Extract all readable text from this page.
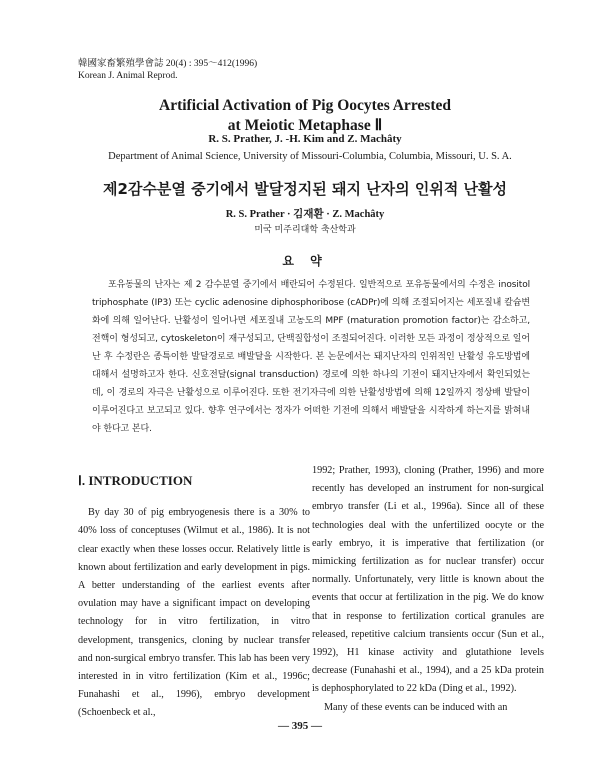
韓國家畜繁殖學會誌 20(4) : 395～412(1996)
Korean J. Animal Reprod.
Artificial Activation of Pig Oocytes Arrested
at Meiotic Metaphase Ⅱ
R. S. Prather, J. -H. Kim and Z. Machâty
Department of Animal Science, University of Missouri-Columbia, Columbia, Missouri, U. S. A.
제2감수분열 중기에서 발달정지된 돼지 난자의 인위적 난활성
R. S. Prather · 김재환 · Z. Machâty
미국 미주리대학 축산학과
요 약
포유동물의 난자는 제 2 감수분열 중기에서 배란되어 수정된다. 일반적으로 포유동물에서의 수정은 inositol triphosphate (IP3) 또는 cyclic adenosine diphosphoribose (cADPr)에 의해 조절되어지는 세포질내 칼슘변화에 의해 일어난다. 난활성이 일어나면 세포질내 고농도의 MPF (maturation promotion factor)는 감소하고, 전핵이 형성되고, cytoskeleton이 재구성되고, 단백질합성이 조절되어진다. 이러한 모든 과정이 정상적으로 일어난 후 수정란은 종특이한 발달경로로 배발달을 시작한다. 본 논문에서는 돼지난자의 인위적인 난활성 유도방법에 대해서 설명하고자 한다. 신호전달(signal transduction) 경로에 의한 하나의 기전이 돼지난자에서 확인되었는데, 이 경로의 자극은 난활성으로 이루어진다. 또한 전기자극에 의한 난활성방법에 의해 12일까지 정상배 발달이 이루어진다고 보고되고 있다. 향후 연구에서는 정자가 어떠한 기전에 의해서 배발달을 시작하게 하는지를 밝혀내야 한다고 본다.
Ⅰ. INTRODUCTION

By day 30 of pig embryogenesis there is a 30% to 40% loss of conceptuses (Wilmut et al., 1986). It is not clear exactly when these losses occur. Relatively little is known about fertilization and early development in pigs. A better understanding of the earliest events after ovulation may have a significant impact on developing technology for in vitro fertilization, in vitro development, transgenics, cloning by nuclear transfer and non-surgical embryo transfer. This lab has been very interested in in vitro fertilization (Kim et al., 1996c; Funahashi et al., 1996), embryo development (Schoenbeck et al.,

1992; Prather, 1993), cloning (Prather, 1996) and more recently has developed an instrument for non-surgical embryo transfer (Li et al., 1996a). Since all of these technologies deal with the unfertilized oocyte or the early embryo, it is imperative that fertilization (or mimicking fertilization as for nuclear transfer) occur normally. Unfortunately, very little is known about the events that occur at fertilization in the pig. We do know that in response to fertilization cortical granules are released, repetitive calcium transients occur (Sun et al., 1992), H1 kinase activity and glutathione levels decrease (Funahashi et al., 1994), and a 25 kDa protein is dephosphorylated to 22 kDa (Ding et al., 1992).

Many of these events can be induced with an

— 395 —
